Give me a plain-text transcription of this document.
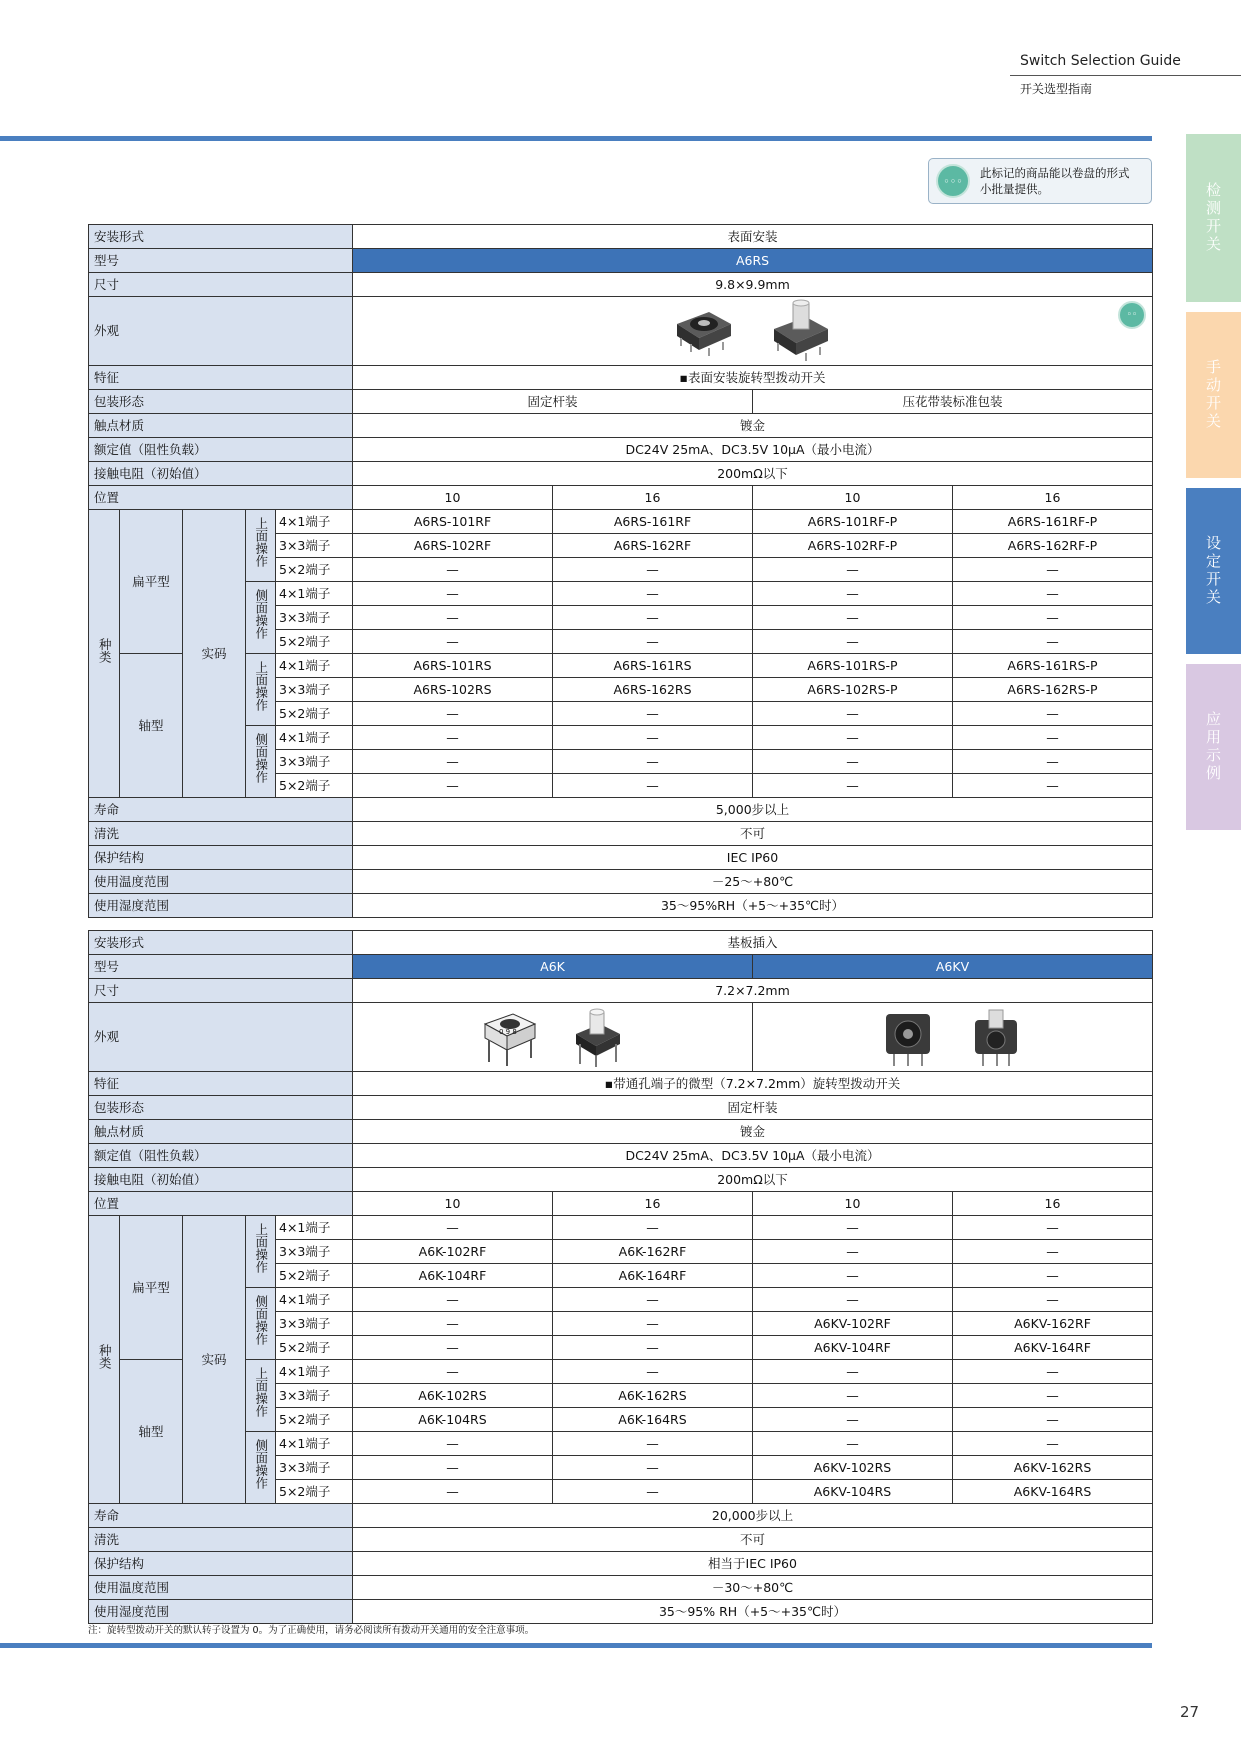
Switch Selection Guide
开关选型指南
检测开关
手动开关
设定开关
应用示例
◦◦◦
此标记的商品能以卷盘的形式
小批量提供。
安装形式					表面安装			
型号					A6RS			
尺寸					9.8×9.9mm			
外观					◦◦			

特征					▪表面安装旋转型拨动开关			
包装形态					固定杆装		压花带装标准包装	
触点材质					镀金			
额定值（阻性负载）					DC24V 25mA、DC3.5V 10μA（最小电流）			
接触电阻（初始值）					200mΩ以下			
位置					10	16	10	16
种类	扁平型	实码	上面操作	4×1端子	A6RS-101RF	A6RS-161RF	A6RS-101RF-P	A6RS-161RF-P
				3×3端子	A6RS-102RF	A6RS-162RF	A6RS-102RF-P	A6RS-162RF-P
				5×2端子	—	—	—	—
			侧面操作	4×1端子	—	—	—	—
				3×3端子	—	—	—	—
				5×2端子	—	—	—	—
	轴型		上面操作	4×1端子	A6RS-101RS	A6RS-161RS	A6RS-101RS-P	A6RS-161RS-P
				3×3端子	A6RS-102RS	A6RS-162RS	A6RS-102RS-P	A6RS-162RS-P
				5×2端子	—	—	—	—
			侧面操作	4×1端子	—	—	—	—
				3×3端子	—	—	—	—
				5×2端子	—	—	—	—
寿命					5,000步以上			
清洗					不可			
保护结构					IEC IP60			
使用温度范围					－25～+80℃			
使用湿度范围					35～95%RH（+5～+35℃时）			
安装形式					基板插入			
型号					A6K		A6KV	
尺寸					7.2×7.2mm			
外观					0 9 8

特征					▪带通孔端子的微型（7.2×7.2mm）旋转型拨动开关			
包装形态					固定杆装			
触点材质					镀金			
额定值（阻性负载）					DC24V 25mA、DC3.5V 10μA（最小电流）			
接触电阻（初始值）					200mΩ以下			
位置					10	16	10	16
种类	扁平型	实码	上面操作	4×1端子	—	—	—	—
				3×3端子	A6K-102RF	A6K-162RF	—	—
				5×2端子	A6K-104RF	A6K-164RF	—	—
			侧面操作	4×1端子	—	—	—	—
				3×3端子	—	—	A6KV-102RF	A6KV-162RF
				5×2端子	—	—	A6KV-104RF	A6KV-164RF
	轴型		上面操作	4×1端子	—	—	—	—
				3×3端子	A6K-102RS	A6K-162RS	—	—
				5×2端子	A6K-104RS	A6K-164RS	—	—
			侧面操作	4×1端子	—	—	—	—
				3×3端子	—	—	A6KV-102RS	A6KV-162RS
				5×2端子	—	—	A6KV-104RS	A6KV-164RS
寿命					20,000步以上			
清洗					不可			
保护结构					相当于IEC IP60			
使用温度范围					－30～+80℃			
使用湿度范围					35～95% RH（+5～+35℃时）			
注：旋转型拨动开关的默认转子设置为 0。为了正确使用，请务必阅读所有拨动开关通用的安全注意事项。
27
